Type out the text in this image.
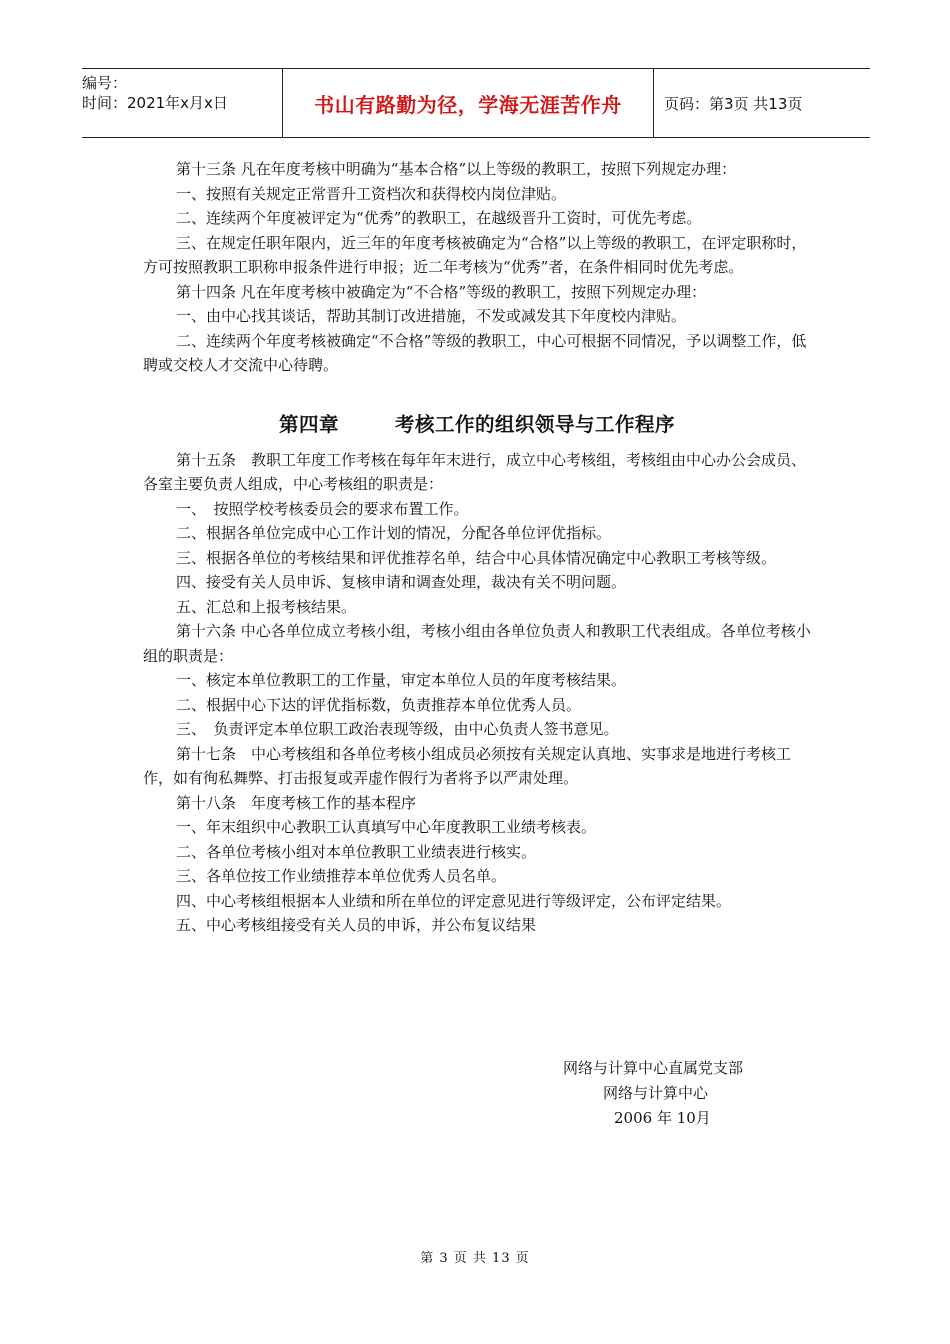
编号：
时间：2021年x月x日	书山有路勤为径，学海无涯苦作舟	页码：第3页 共13页

第十三条 凡在年度考核中明确为“基本合格”以上等级的教职工，按照下列规定办理：

一、按照有关规定正常晋升工资档次和获得校内岗位津贴。

二、连续两个年度被评定为“优秀”的教职工，在越级晋升工资时，可优先考虑。

三、在规定任职年限内，近三年的年度考核被确定为“合格”以上等级的教职工，在评定职称时，方可按照教职工职称申报条件进行申报；近二年考核为“优秀”者，在条件相同时优先考虑。

第十四条 凡在年度考核中被确定为“不合格”等级的教职工，按照下列规定办理：

一、由中心找其谈话，帮助其制订改进措施，不发或减发其下年度校内津贴。

二、连续两个年度考核被确定“不合格”等级的教职工，中心可根据不同情况，予以调整工作，低聘或交校人才交流中心待聘。

第四章	考核工作的组织领导与工作程序

第十五条　教职工年度工作考核在每年年末进行，成立中心考核组，考核组由中心办公会成员、各室主要负责人组成，中心考核组的职责是：

一、　按照学校考核委员会的要求布置工作。

二、根据各单位完成中心工作计划的情况，分配各单位评优指标。

三、根据各单位的考核结果和评优推荐名单，结合中心具体情况确定中心教职工考核等级。

四、接受有关人员申诉、复核申请和调查处理，裁决有关不明问题。

五、汇总和上报考核结果。

第十六条 中心各单位成立考核小组，考核小组由各单位负责人和教职工代表组成。各单位考核小组的职责是：

一、核定本单位教职工的工作量，审定本单位人员的年度考核结果。

二、根据中心下达的评优指标数，负责推荐本单位优秀人员。

三、　负责评定本单位职工政治表现等级，由中心负责人签书意见。

第十七条　中心考核组和各单位考核小组成员必须按有关规定认真地、实事求是地进行考核工作，如有徇私舞弊、打击报复或弄虚作假行为者将予以严肃处理。

第十八条　年度考核工作的基本程序

一、年末组织中心教职工认真填写中心年度教职工业绩考核表。

二、各单位考核小组对本单位教职工业绩表进行核实。

三、各单位按工作业绩推荐本单位优秀人员名单。

四、中心考核组根据本人业绩和所在单位的评定意见进行等级评定，公布评定结果。

五、中心考核组接受有关人员的申诉，并公布复议结果

网络与计算中心直属党支部
网络与计算中心
2006 年 10月
第 3 页 共 13 页
